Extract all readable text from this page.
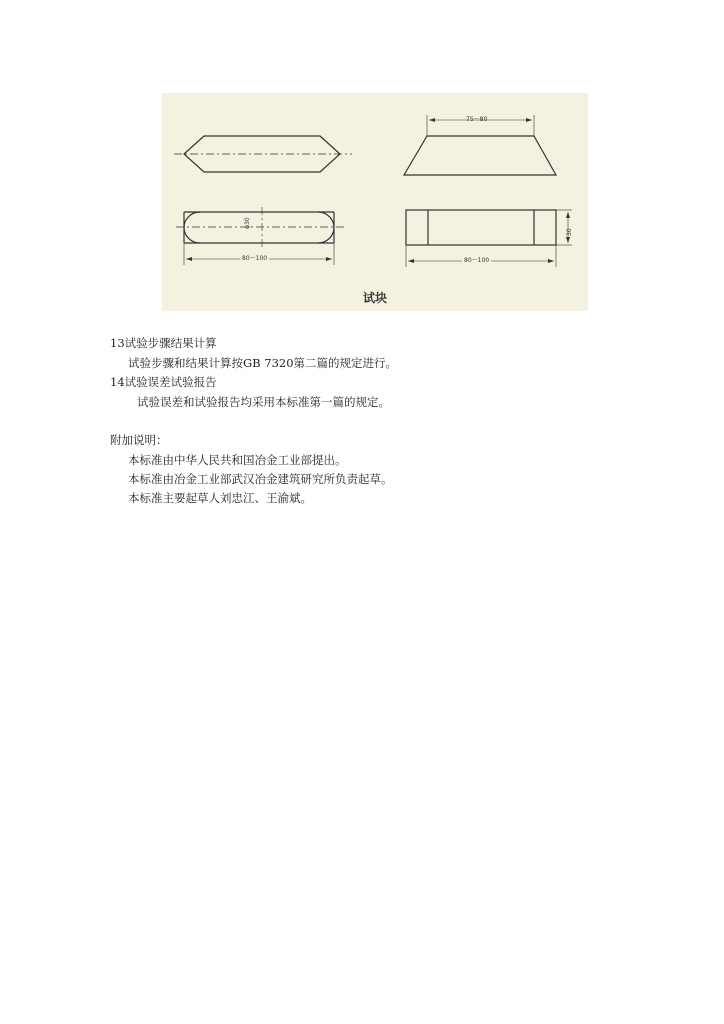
75～80
80～100
φ30
80～100
30
试块
13试验步骤结果计算
试验步骤和结果计算按GB 7320第二篇的规定进行。
14试验误差试验报告
试验误差和试验报告均采用本标准第一篇的规定。
附加说明：
本标准由中华人民共和国冶金工业部提出。
本标准由冶金工业部武汉冶金建筑研究所负责起草。
本标准主要起草人刘忠江、王渝斌。
